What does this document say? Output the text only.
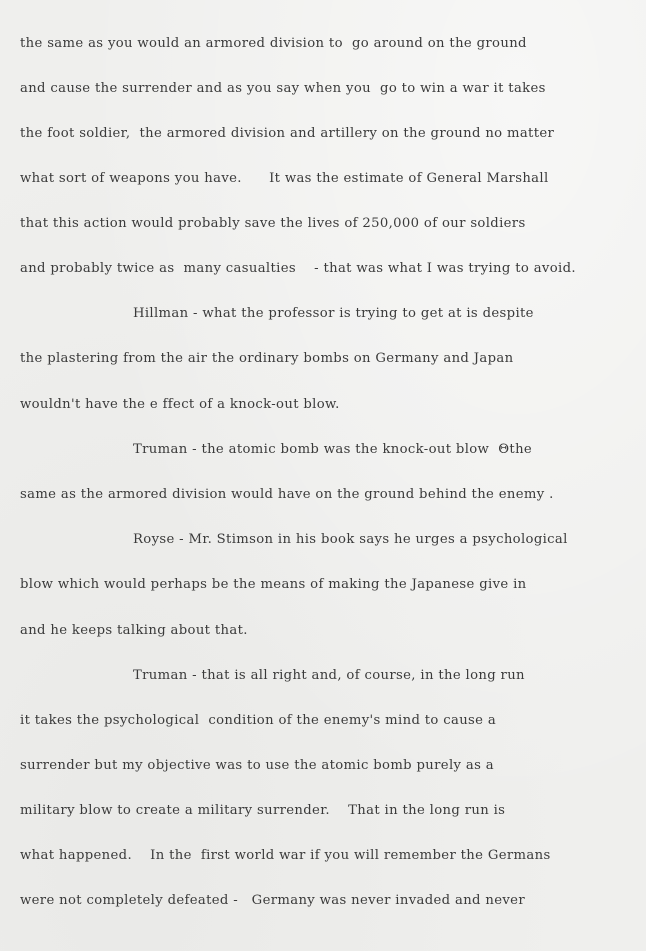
the same as you would an armored division to  go around on the ground
and cause the surrender and as you say when you  go to win a war it takes
the foot soldier,  the armored division and artillery on the ground no matter
what sort of weapons you have.      It was the estimate of General Marshall
that this action would probably save the lives of 250,000 of our soldiers
and probably twice as  many casualties    - that was what I was trying to avoid.
Hillman - what the professor is trying to get at is despite
the plastering from the air the ordinary bombs on Germany and Japan
wouldn't have the e ffect of a knock-out blow.
Truman - the atomic bomb was the knock-out blow  Θthe
same as the armored division would have on the ground behind the enemy .
Royse - Mr. Stimson in his book says he urges a psychological
blow which would perhaps be the means of making the Japanese give in
and he keeps talking about that.
Truman - that is all right and, of course, in the long run
it takes the psychological  condition of the enemy's mind to cause a
surrender but my objective was to use the atomic bomb purely as a
military blow to create a military surrender.    That in the long run is
what happened.    In the  first world war if you will remember the Germans
were not completely defeated -   Germany was never invaded and never
